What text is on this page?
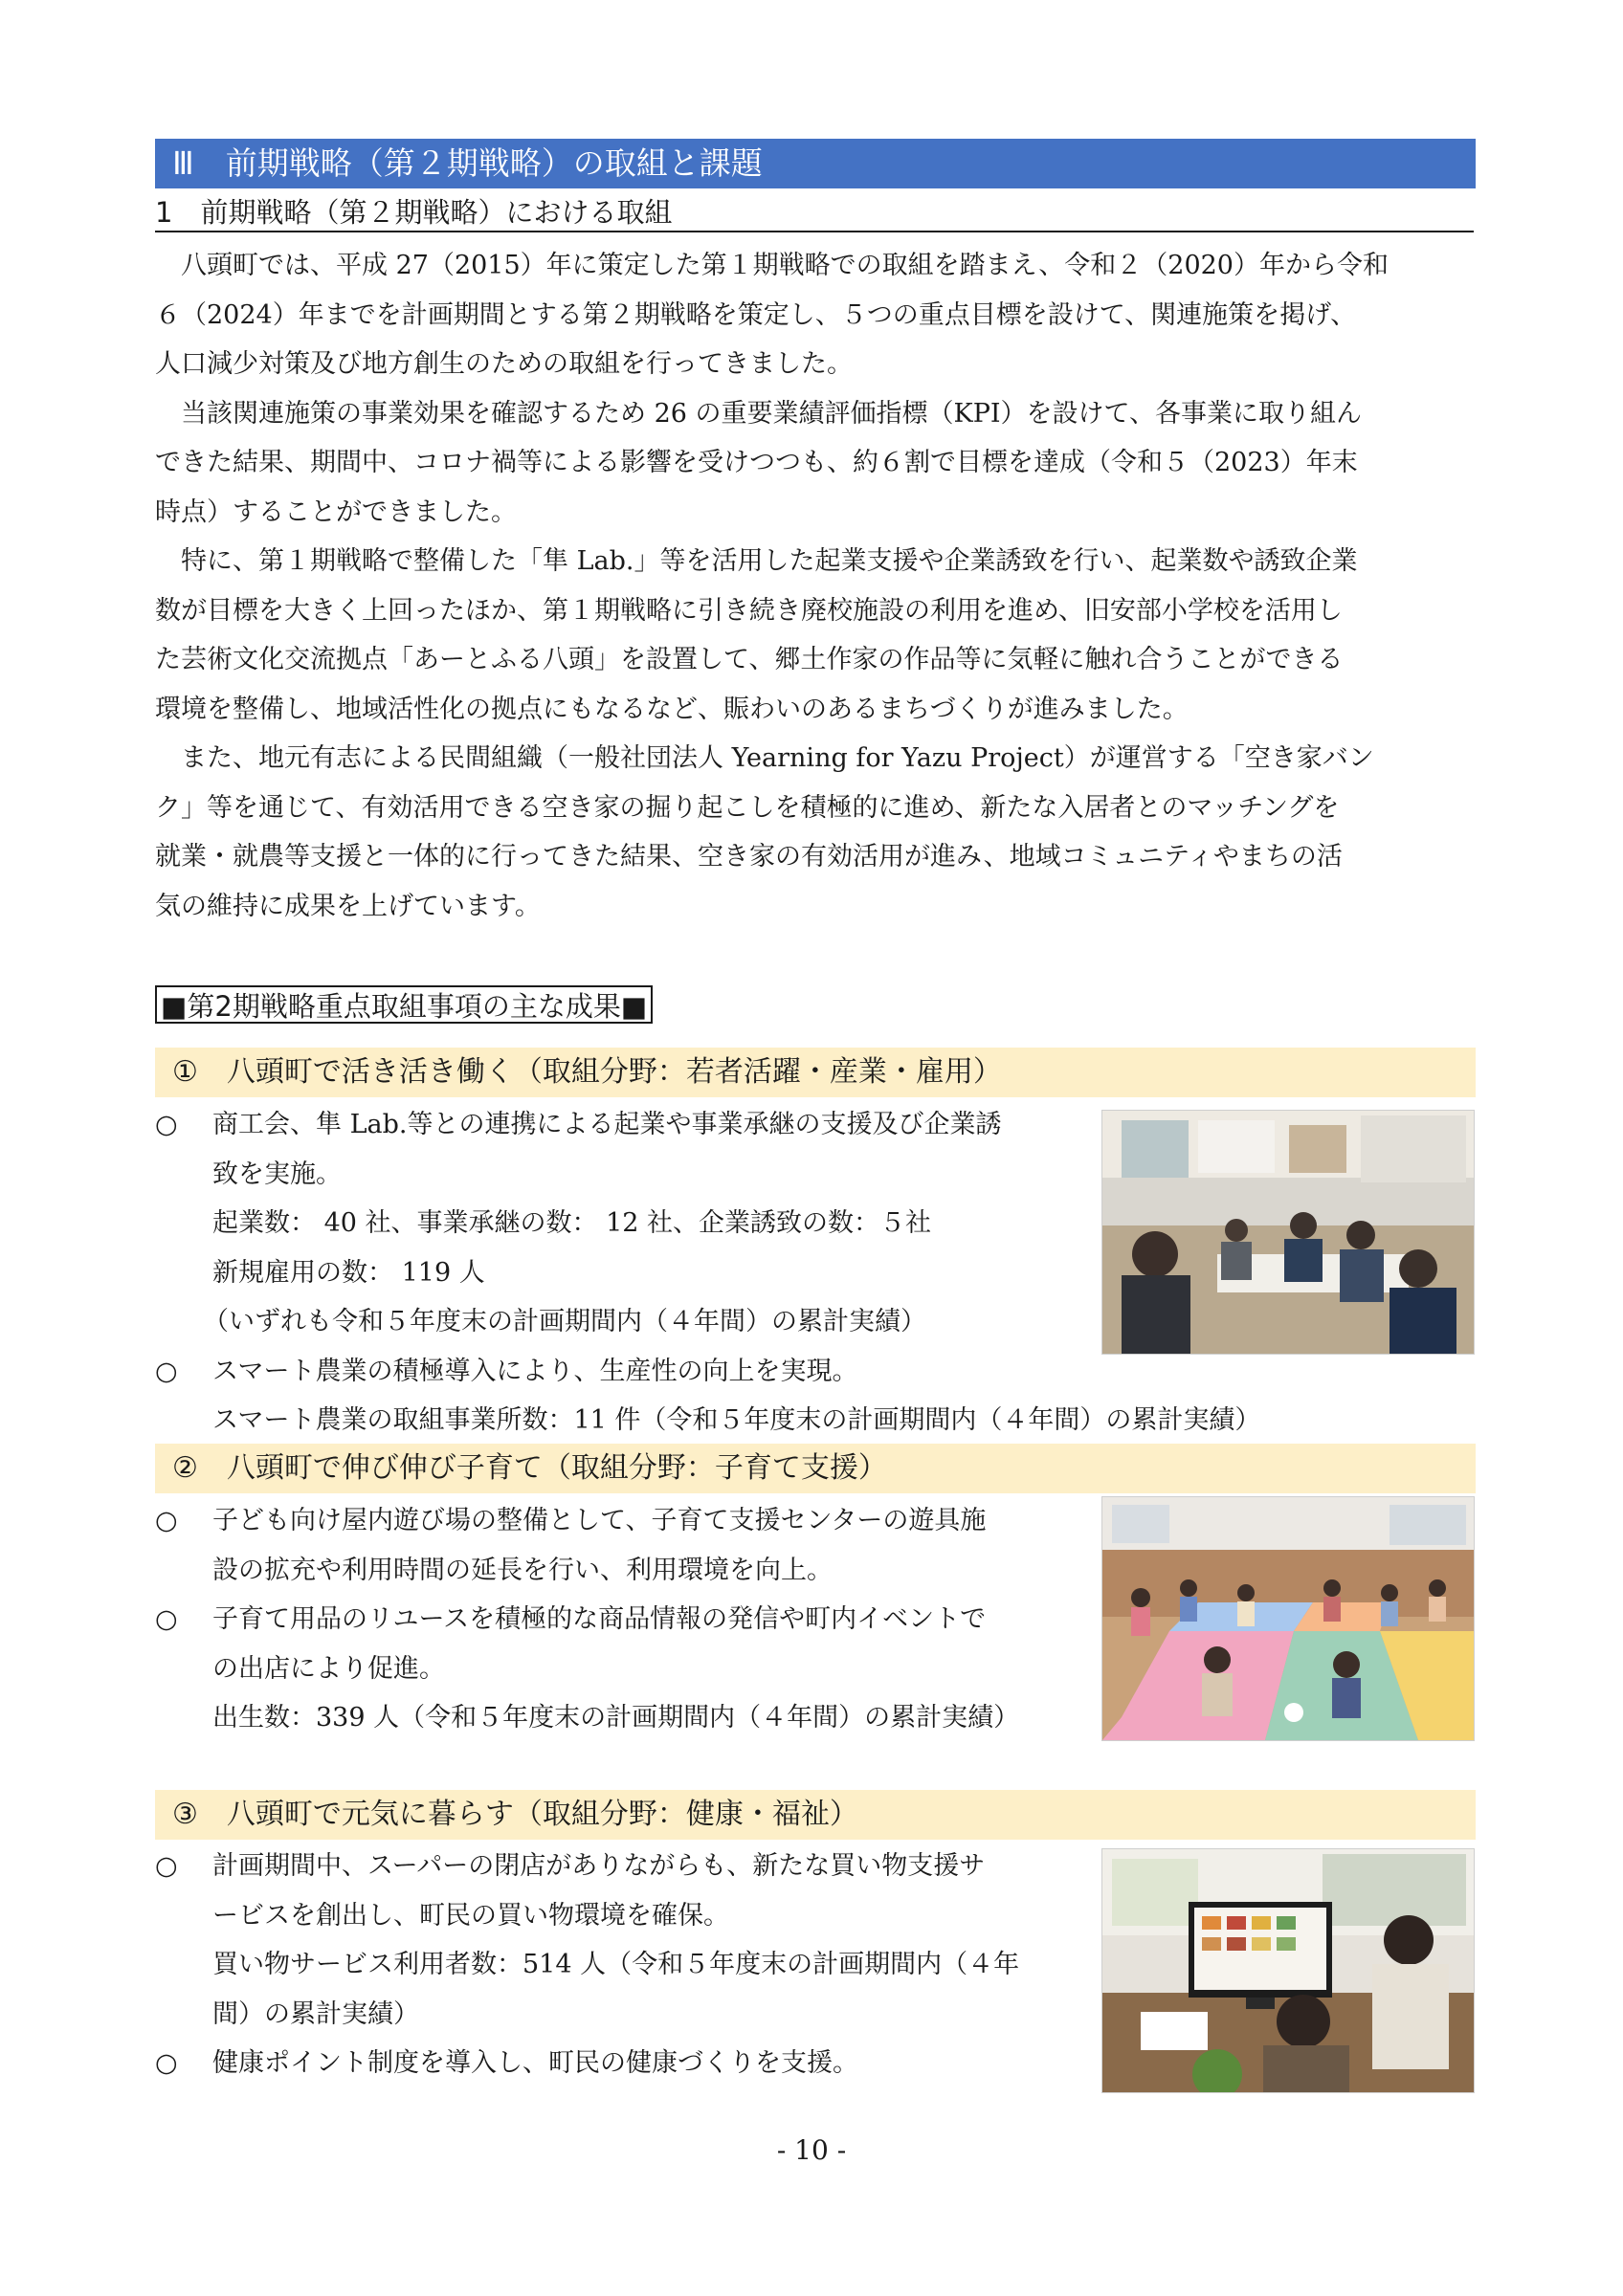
Ⅲ　前期戦略（第２期戦略）の取組と課題
1　前期戦略（第２期戦略）における取組
八頭町では、平成 27（2015）年に策定した第１期戦略での取組を踏まえ、令和２（2020）年から令和
６（2024）年までを計画期間とする第２期戦略を策定し、５つの重点目標を設けて、関連施策を掲げ、
人口減少対策及び地方創生のための取組を行ってきました。
当該関連施策の事業効果を確認するため 26 の重要業績評価指標（KPI）を設けて、各事業に取り組ん
できた結果、期間中、コロナ禍等による影響を受けつつも、約６割で目標を達成（令和５（2023）年末
時点）することができました。
特に、第１期戦略で整備した「隼 Lab.」等を活用した起業支援や企業誘致を行い、起業数や誘致企業
数が目標を大きく上回ったほか、第１期戦略に引き続き廃校施設の利用を進め、旧安部小学校を活用し
た芸術文化交流拠点「あーとふる八頭」を設置して、郷土作家の作品等に気軽に触れ合うことができる
環境を整備し、地域活性化の拠点にもなるなど、賑わいのあるまちづくりが進みました。
また、地元有志による民間組織（一般社団法人 Yearning for Yazu Project）が運営する「空き家バン
ク」等を通じて、有効活用できる空き家の掘り起こしを積極的に進め、新たな入居者とのマッチングを
就業・就農等支援と一体的に行ってきた結果、空き家の有効活用が進み、地域コミュニティやまちの活
気の維持に成果を上げています。
■第2期戦略重点取組事項の主な成果■
①　八頭町で活き活き働く（取組分野：若者活躍・産業・雇用）
○	商工会、隼 Lab.等との連携による起業や事業承継の支援及び企業誘
致を実施。
起業数： 40 社、事業承継の数： 12 社、企業誘致の数：５社
新規雇用の数： 119 人
（いずれも令和５年度末の計画期間内（４年間）の累計実績）
○	スマート農業の積極導入により、生産性の向上を実現。
スマート農業の取組事業所数：11 件（令和５年度末の計画期間内（４年間）の累計実績）
②　八頭町で伸び伸び子育て（取組分野：子育て支援）
○	子ども向け屋内遊び場の整備として、子育て支援センターの遊具施
設の拡充や利用時間の延長を行い、利用環境を向上。
○	子育て用品のリユースを積極的な商品情報の発信や町内イベントで
の出店により促進。
出生数：339 人（令和５年度末の計画期間内（４年間）の累計実績）
③　八頭町で元気に暮らす（取組分野：健康・福祉）
○	計画期間中、スーパーの閉店がありながらも、新たな買い物支援サ
ービスを創出し、町民の買い物環境を確保。
買い物サービス利用者数：514 人（令和５年度末の計画期間内（４年
間）の累計実績）
○	健康ポイント制度を導入し、町民の健康づくりを支援。
- 10 -
